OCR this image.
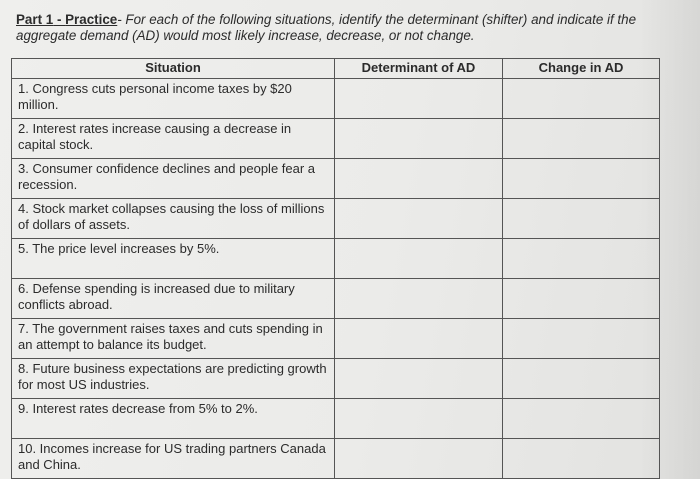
Part 1 - Practice- For each of the following situations, identify the determinant (shifter) and indicate if the aggregate demand (AD) would most likely increase, decrease, or not change.
Situation	Determinant of AD	Change in AD
1. Congress cuts personal income taxes by $20 million.		
2. Interest rates increase causing a decrease in capital stock.		
3. Consumer confidence declines and people fear a recession.		
4. Stock market collapses causing the loss of millions of dollars of assets.		
5. The price level increases by 5%.		
6. Defense spending is increased due to military conflicts abroad.		
7. The government raises taxes and cuts spending in an attempt to balance its budget.		
8. Future business expectations are predicting growth for most US industries.		
9. Interest rates decrease from 5% to 2%.		
10. Incomes increase for US trading partners Canada and China.		
